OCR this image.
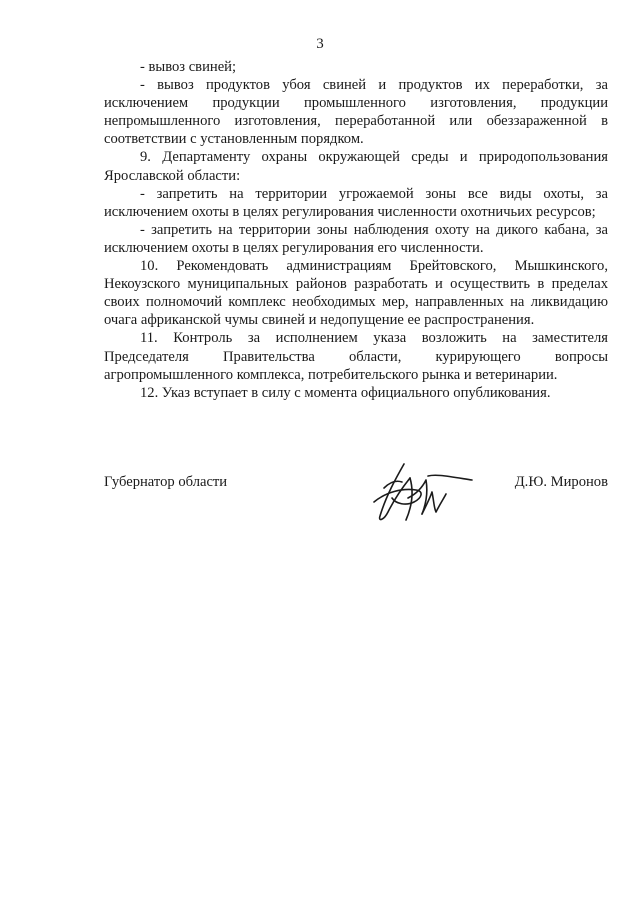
3

- вывоз свиней;

- вывоз продуктов убоя свиней и продуктов их переработки, за исключением продукции промышленного изготовления, продукции непромышленного изготовления, переработанной или обеззараженной в соответствии с установленным порядком.

9. Департаменту охраны окружающей среды и природопользования Ярославской области:

- запретить на территории угрожаемой зоны все виды охоты, за исключением охоты в целях регулирования численности охотничьих ресурсов;

- запретить на территории зоны наблюдения охоту на дикого кабана, за исключением охоты в целях регулирования его численности.

10. Рекомендовать администрациям Брейтовского, Мышкинского, Некоузского муниципальных районов разработать и осуществить в пределах своих полномочий комплекс необходимых мер, направленных на ликвидацию очага африканской чумы свиней и недопущение ее распространения.

11. Контроль за исполнением указа возложить на заместителя Председателя Правительства области, курирующего вопросы агропромышленного комплекса, потребительского рынка и ветеринарии.

12. Указ вступает в силу с момента официального опубликования.

Губернатор области	Д.Ю. Миронов
